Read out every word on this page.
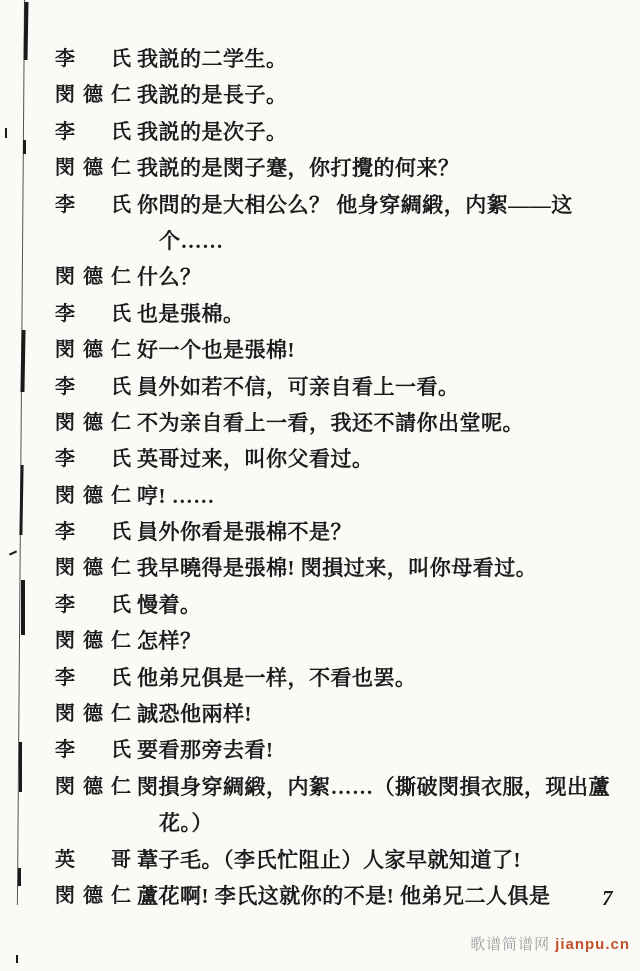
李氏 我説的二学生。
閔德仁 我説的是長子。
李氏 我説的是次子。
閔德仁 我説的是閔子蹇，你打攪的何来？
李氏 你問的是大相公么？ 他身穿綢緞，内絮——这
个……
閔德仁 什么？
李氏 也是張棉。
閔德仁 好一个也是張棉!
李氏 員外如若不信，可亲自看上一看。
閔德仁 不为亲自看上一看，我还不請你出堂呢。
李氏 英哥过来，叫你父看过。
閔德仁 哼! ……
李氏 員外你看是張棉不是？
閔德仁 我早曉得是張棉! 閔損过来，叫你母看过。
李氏 慢着。
閔德仁 怎样？
李氏 他弟兄俱是一样，不看也罢。
閔德仁 誠恐他兩样!
李氏 要看那旁去看!
閔德仁 閔損身穿綢緞，内絮……（撕破閔損衣服，现出蘆
花。）
英哥 葦子毛。（李氏忙阻止）人家早就知道了!
閔德仁 蘆花啊! 李氏这就你的不是! 他弟兄二人俱是 7
歌谱简谱网 jianpu.cn
